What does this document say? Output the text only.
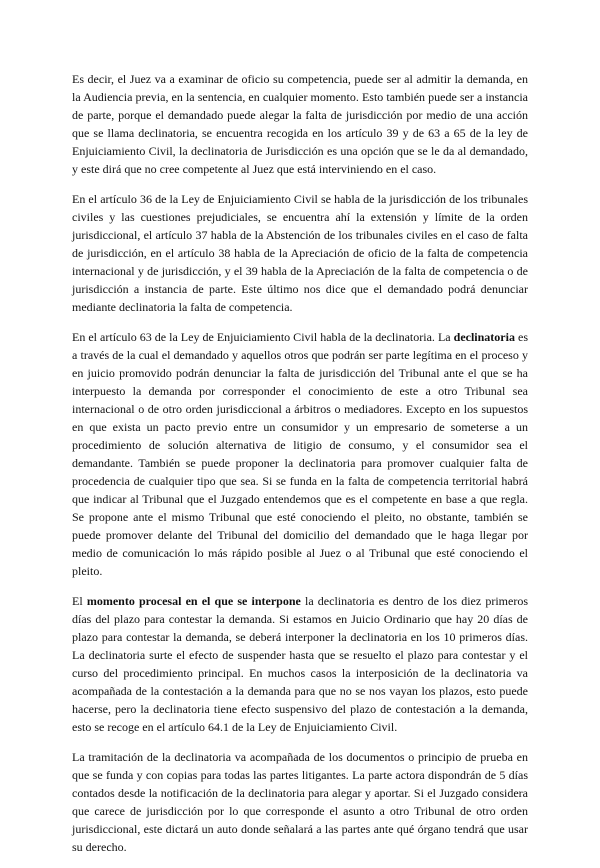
Es decir, el Juez va a examinar de oficio su competencia, puede ser al admitir la demanda, en la Audiencia previa, en la sentencia, en cualquier momento. Esto también puede ser a instancia de parte, porque el demandado puede alegar la falta de jurisdicción por medio de una acción que se llama declinatoria, se encuentra recogida en los artículo 39 y de 63 a 65 de la ley de Enjuiciamiento Civil, la declinatoria de Jurisdicción es una opción que se le da al demandado, y este dirá que no cree competente al Juez que está interviniendo en el caso.

En el artículo 36 de la Ley de Enjuiciamiento Civil se habla de la jurisdicción de los tribunales civiles y las cuestiones prejudiciales, se encuentra ahí la extensión y límite de la orden jurisdiccional, el artículo 37 habla de la Abstención de los tribunales civiles en el caso de falta de jurisdicción, en el artículo 38 habla de la Apreciación de oficio de la falta de competencia internacional y de jurisdicción, y el 39 habla de la Apreciación de la falta de competencia o de jurisdicción a instancia de parte. Este último nos dice que el demandado podrá denunciar mediante declinatoria la falta de competencia.

En el artículo 63 de la Ley de Enjuiciamiento Civil habla de la declinatoria. La declinatoria es a través de la cual el demandado y aquellos otros que podrán ser parte legítima en el proceso y en juicio promovido podrán denunciar la falta de jurisdicción del Tribunal ante el que se ha interpuesto la demanda por corresponder el conocimiento de este a otro Tribunal sea internacional o de otro orden jurisdiccional a árbitros o mediadores. Excepto en los supuestos en que exista un pacto previo entre un consumidor y un empresario de someterse a un procedimiento de solución alternativa de litigio de consumo, y el consumidor sea el demandante. También se puede proponer la declinatoria para promover cualquier falta de procedencia de cualquier tipo que sea. Si se funda en la falta de competencia territorial habrá que indicar al Tribunal que el Juzgado entendemos que es el competente en base a que regla. Se propone ante el mismo Tribunal que esté conociendo el pleito, no obstante, también se puede promover delante del Tribunal del domicilio del demandado que le haga llegar por medio de comunicación lo más rápido posible al Juez o al Tribunal que esté conociendo el pleito.

El momento procesal en el que se interpone la declinatoria es dentro de los diez primeros días del plazo para contestar la demanda. Si estamos en Juicio Ordinario que hay 20 días de plazo para contestar la demanda, se deberá interponer la declinatoria en los 10 primeros días. La declinatoria surte el efecto de suspender hasta que se resuelto el plazo para contestar y el curso del procedimiento principal. En muchos casos la interposición de la declinatoria va acompañada de la contestación a la demanda para que no se nos vayan los plazos, esto puede hacerse, pero la declinatoria tiene efecto suspensivo del plazo de contestación a la demanda, esto se recoge en el artículo 64.1 de la Ley de Enjuiciamiento Civil.

La tramitación de la declinatoria va acompañada de los documentos o principio de prueba en que se funda y con copias para todas las partes litigantes. La parte actora dispondrán de 5 días contados desde la notificación de la declinatoria para alegar y aportar. Si el Juzgado considera que carece de jurisdicción por lo que corresponde el asunto a otro Tribunal de otro orden jurisdiccional, este dictará un auto donde señalará a las partes ante qué órgano tendrá que usar su derecho.
